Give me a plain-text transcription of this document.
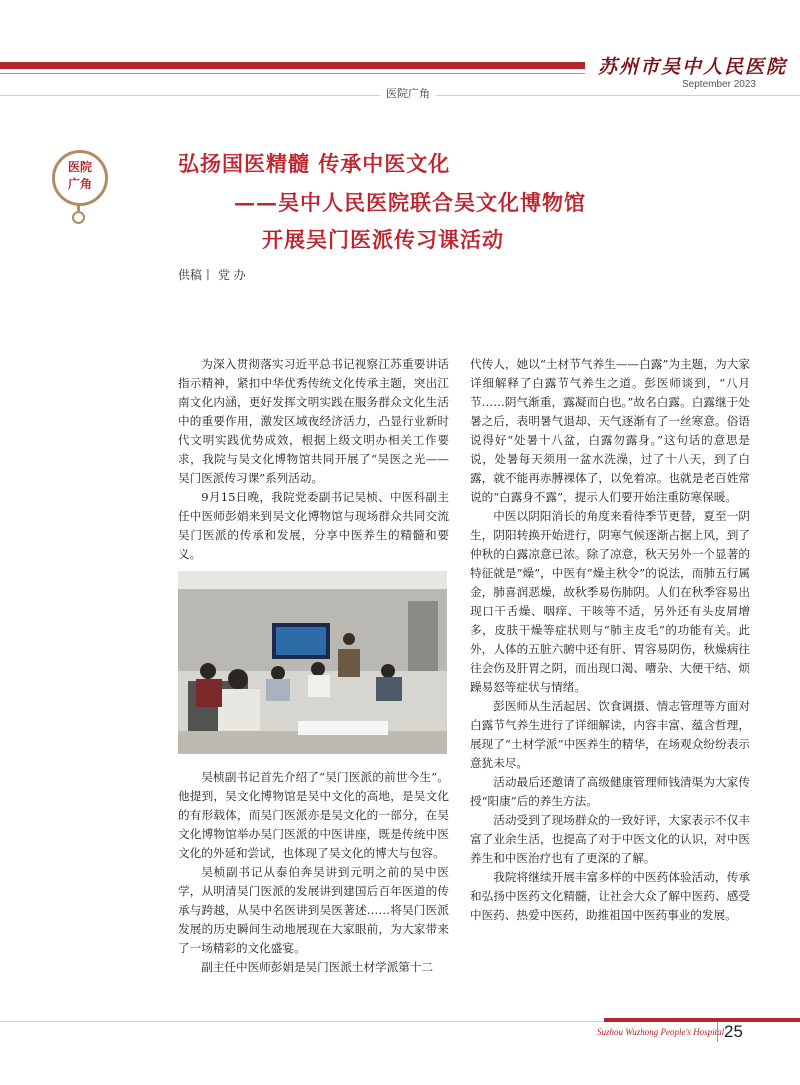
苏州市吴中人民医院
September 2023
医院广角
医院
广角
弘扬国医精髓 传承中医文化
——吴中人民医院联合吴文化博物馆
开展吴门医派传习课活动
供稿丨 党 办

为深入贯彻落实习近平总书记视察江苏重要讲话指示精神，紧扣中华优秀传统文化传承主题，突出江南文化内涵，更好发挥文明实践在服务群众文化生活中的重要作用，激发区域夜经济活力，凸显行业新时代文明实践优势成效，根据上级文明办相关工作要求，我院与吴文化博物馆共同开展了“吴医之光——吴门医派传习课”系列活动。

9月15日晚，我院党委副书记吴桢、中医科副主任中医师彭娟来到吴文化博物馆与现场群众共同交流吴门医派的传承和发展，分享中医养生的精髓和要义。

吴桢副书记首先介绍了“吴门医派的前世今生”。他提到，吴文化博物馆是吴中文化的高地，是吴文化的有形载体，而吴门医派亦是吴文化的一部分，在吴文化博物馆举办吴门医派的中医讲座，既是传统中医文化的外延和尝试，也体现了吴文化的博大与包容。

吴桢副书记从泰伯奔吴讲到元明之前的吴中医学，从明清吴门医派的发展讲到建国后百年医道的传承与跨越，从吴中名医讲到吴医著述……将吴门医派发展的历史瞬间生动地展现在大家眼前，为大家带来了一场精彩的文化盛宴。

副主任中医师彭娟是吴门医派土材学派第十二

代传人，她以“土材节气养生——白露”为主题，为大家详细解释了白露节气养生之道。彭医师谈到，“八月节……阴气渐重，露凝而白也。”故名白露。白露继于处暑之后，表明暑气退却、天气逐渐有了一丝寒意。俗语说得好“处暑十八盆，白露勿露身。”这句话的意思是说，处暑每天须用一盆水洗澡，过了十八天，到了白露，就不能再赤膊裸体了，以免着凉。也就是老百姓常说的“白露身不露”，提示人们要开始注重防寒保暖。

中医以阴阳消长的角度来看待季节更替，夏至一阴生，阴阳转换开始进行，阴寒气候逐渐占据上风，到了仲秋的白露凉意已浓。除了凉意，秋天另外一个显著的特征就是“燥”，中医有“燥主秋令”的说法，而肺五行属金，肺喜润恶燥，故秋季易伤肺阴。人们在秋季容易出现口干舌燥、咽痒、干咳等不适，另外还有头皮屑增多，皮肤干燥等症状则与“肺主皮毛”的功能有关。此外，人体的五脏六腑中还有肝、胃容易阴伤，秋燥病往往会伤及肝胃之阴，而出现口渴、嘈杂、大便干结、烦躁易怒等症状与情绪。

彭医师从生活起居、饮食调摄、情志管理等方面对白露节气养生进行了详细解读，内容丰富、蕴含哲理，展现了“土材学派”中医养生的精华，在场观众纷纷表示意犹未尽。

活动最后还邀请了高级健康管理师钱清渠为大家传授“阳康”后的养生方法。

活动受到了现场群众的一致好评，大家表示不仅丰富了业余生活，也提高了对于中医文化的认识，对中医养生和中医治疗也有了更深的了解。

我院将继续开展丰富多样的中医药体验活动，传承和弘扬中医药文化精髓，让社会大众了解中医药、感受中医药、热爱中医药，助推祖国中医药事业的发展。

Suzhou Wuzhong People's Hospital 25
